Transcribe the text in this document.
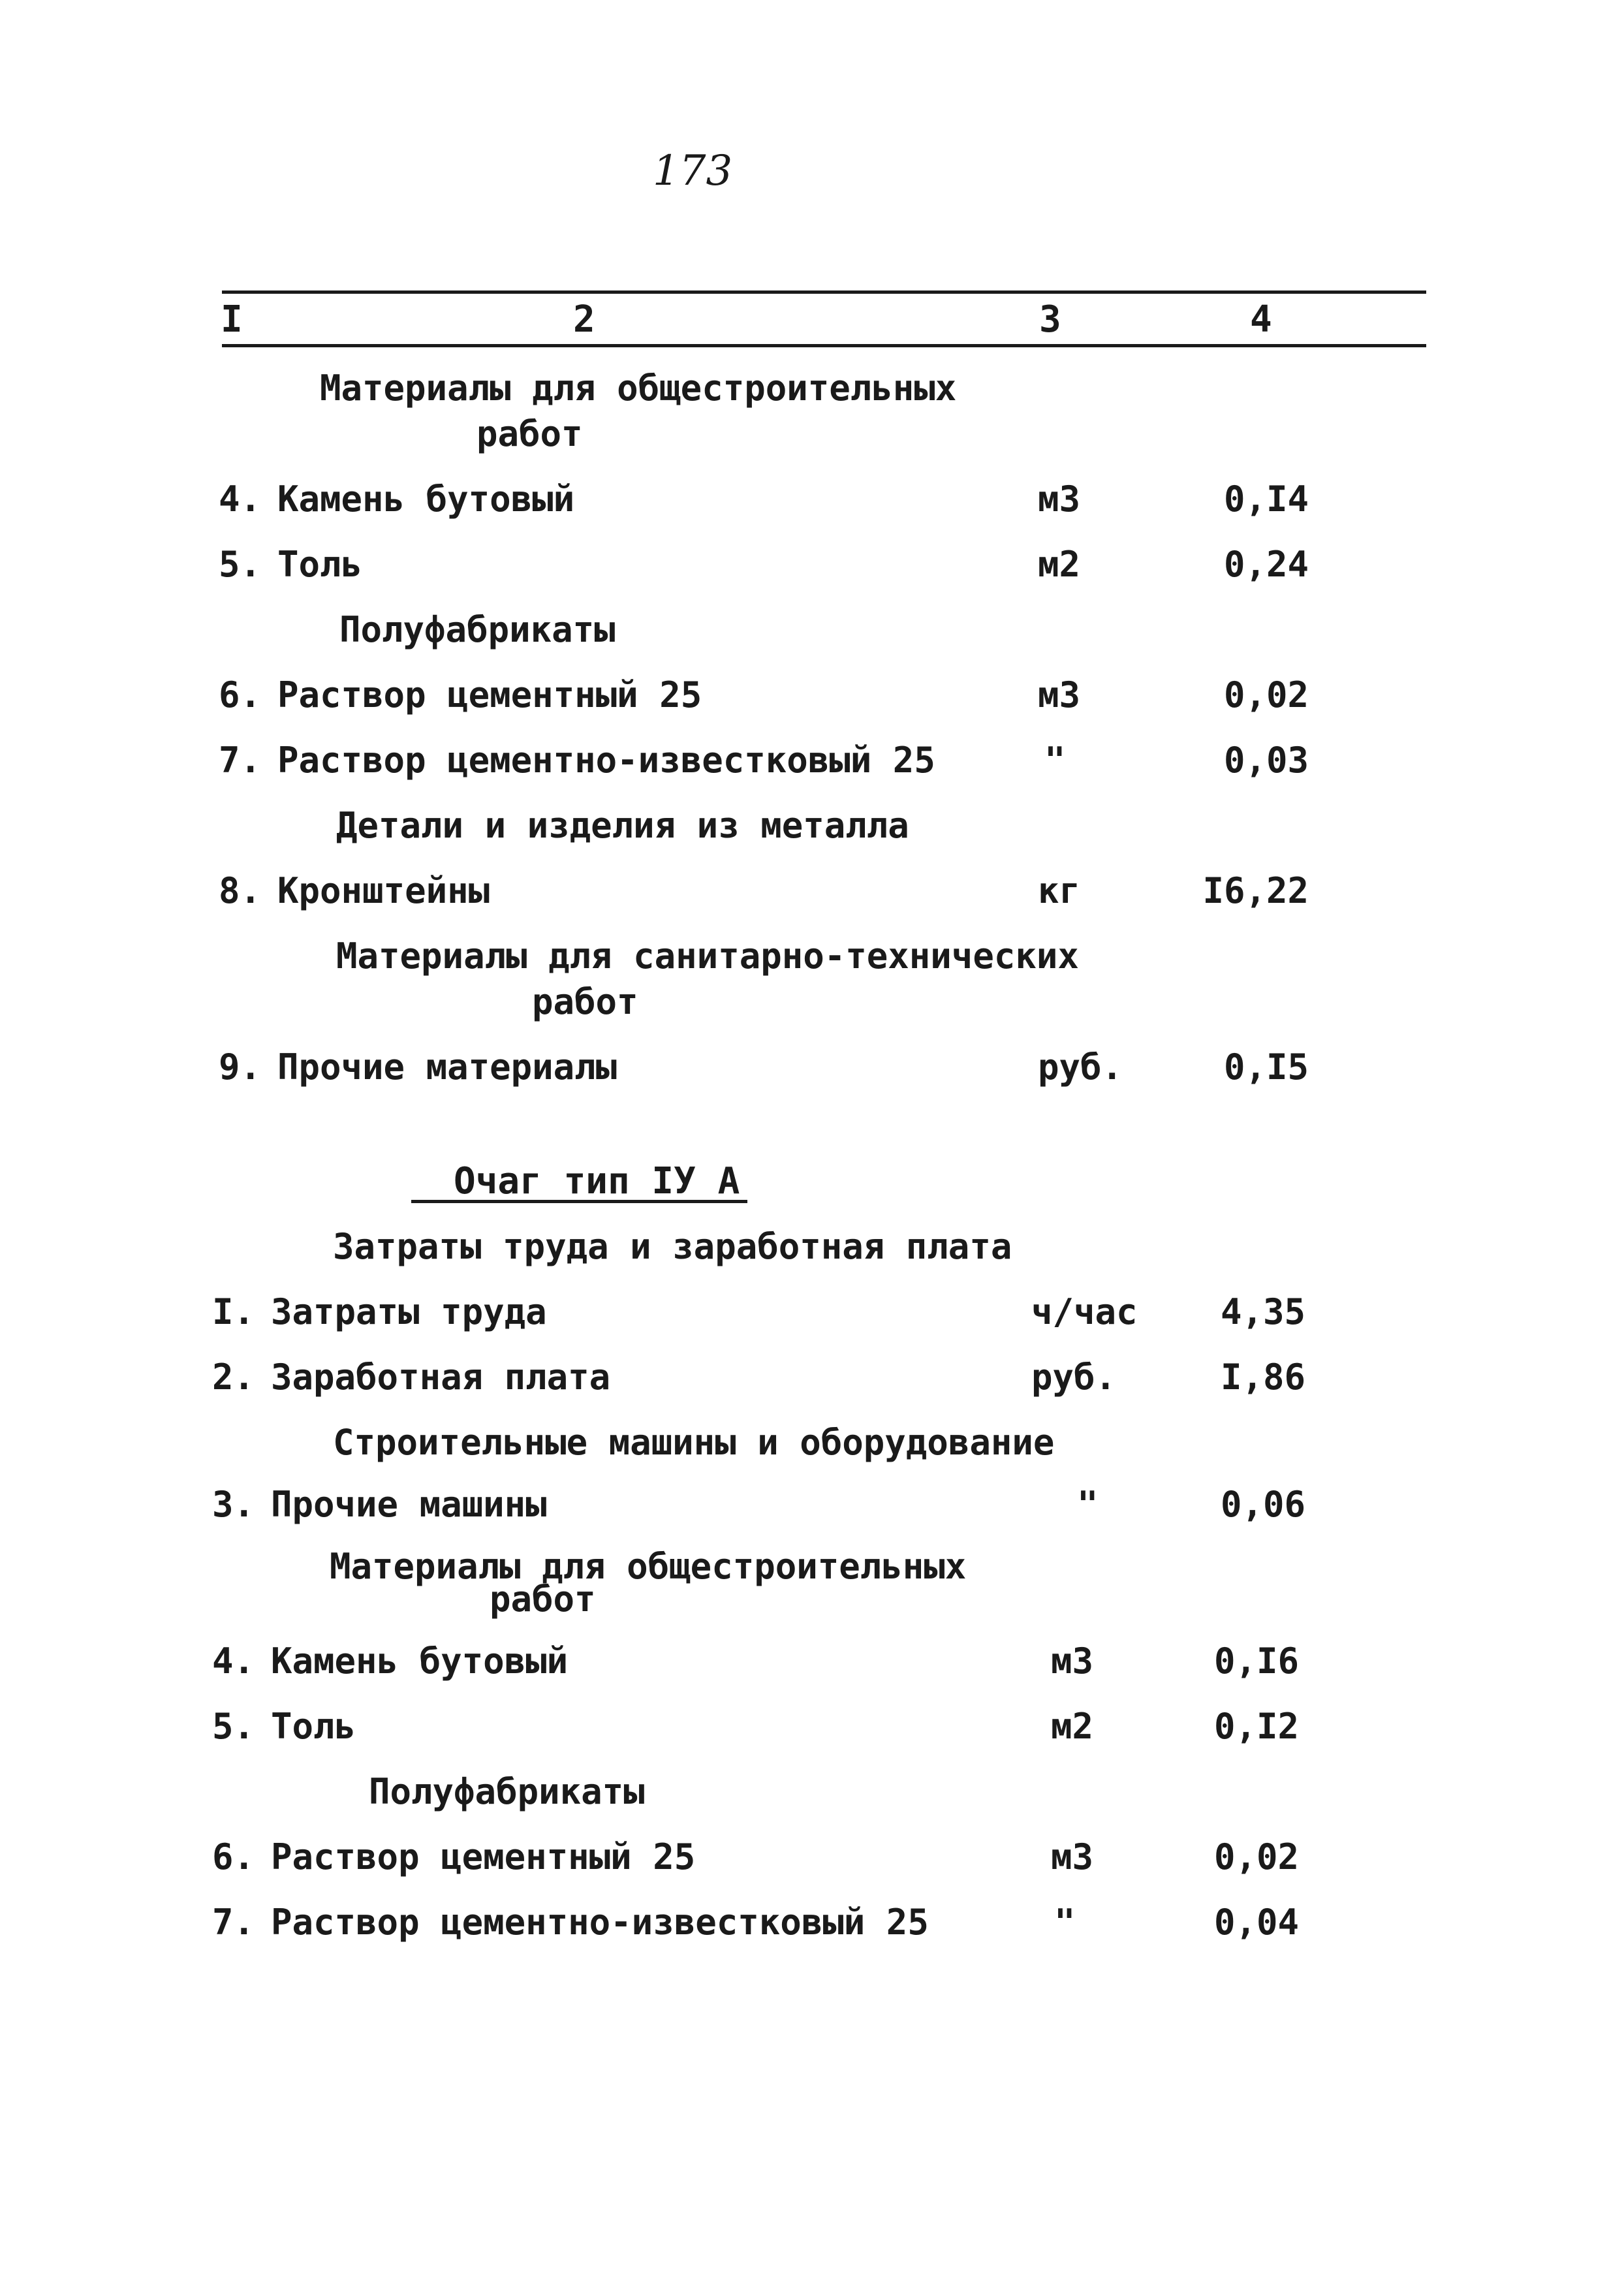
173
I	2	3	4
Материалы для общестроительных
работ
4. Камень бутовый	м3	0,I4
5. Толь	м2	0,24
Полуфабрикаты
6. Раствор цементный 25	м3	0,02
7. Раствор цементно-известковый 25	"	0,03
Детали и изделия из металла
8. Кронштейны	кг	I6,22
Материалы для санитарно-технических
работ
9. Прочие материалы	руб.	0,I5
Очаг тип IУ А
Затраты труда и заработная плата
I. Затраты труда	ч/час	4,35
2. Заработная плата	руб.	I,86
Строительные машины и оборудование
3. Прочие машины	"	0,06
Материалы для общестроительных
работ
4. Камень бутовый	м3	0,I6
5. Толь	м2	0,I2
Полуфабрикаты
6. Раствор цементный 25	м3	0,02
7. Раствор цементно-известковый 25	"	0,04
